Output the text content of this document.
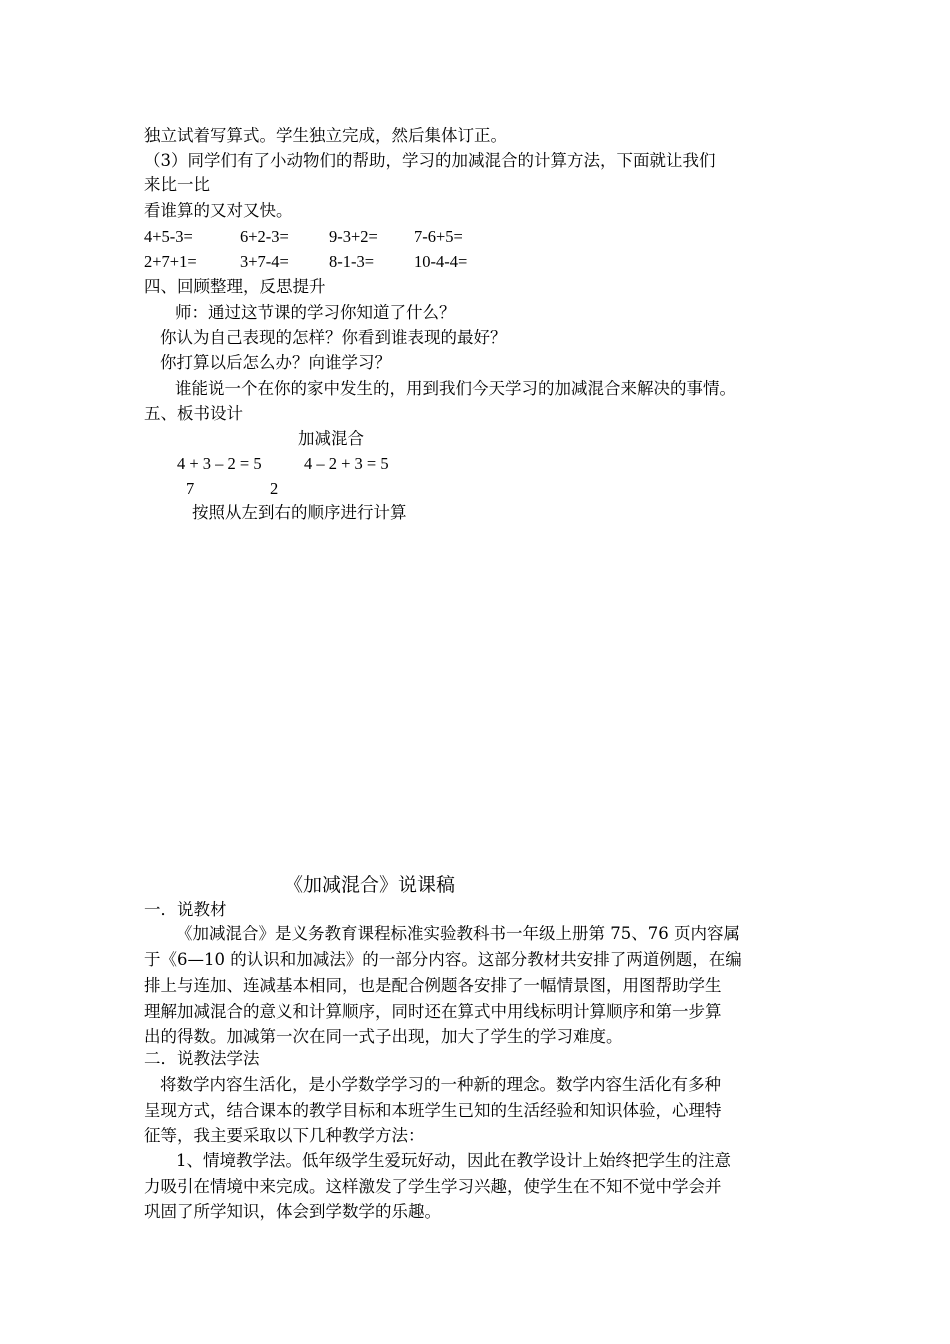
独立试着写算式。学生独立完成，然后集体订正。
（3）同学们有了小动物们的帮助，学习的加减混合的计算方法，下面就让我们
来比一比
看谁算的又对又快。
4+5-3=	6+2-3= 9-3+2= 7-6+5=
2+7+1=	3+7-4= 8-1-3= 10-4-4=
四、回顾整理，反思提升
师：通过这节课的学习你知道了什么？
你认为自己表现的怎样？你看到谁表现的最好？
你打算以后怎么办？向谁学习？
谁能说一个在你的家中发生的，用到我们今天学习的加减混合来解决的事情。
五、板书设计
加减混合
4 + 3 – 2 = 5	4 – 2 + 3 = 5
7	2
按照从左到右的顺序进行计算
《加减混合》说课稿
一．说教材
《加减混合》是义务教育课程标准实验教科书一年级上册第 75、76 页内容属
于《6—10 的认识和加减法》的一部分内容。这部分教材共安排了两道例题，在编
排上与连加、连减基本相同，也是配合例题各安排了一幅情景图，用图帮助学生
理解加减混合的意义和计算顺序，同时还在算式中用线标明计算顺序和第一步算
出的得数。加减第一次在同一式子出现，加大了学生的学习难度。
二．说教法学法
将数学内容生活化，是小学数学学习的一种新的理念。数学内容生活化有多种
呈现方式，结合课本的教学目标和本班学生已知的生活经验和知识体验，心理特
征等，我主要采取以下几种教学方法：
1、情境教学法。低年级学生爱玩好动，因此在教学设计上始终把学生的注意
力吸引在情境中来完成。这样激发了学生学习兴趣，使学生在不知不觉中学会并
巩固了所学知识，体会到学数学的乐趣。
